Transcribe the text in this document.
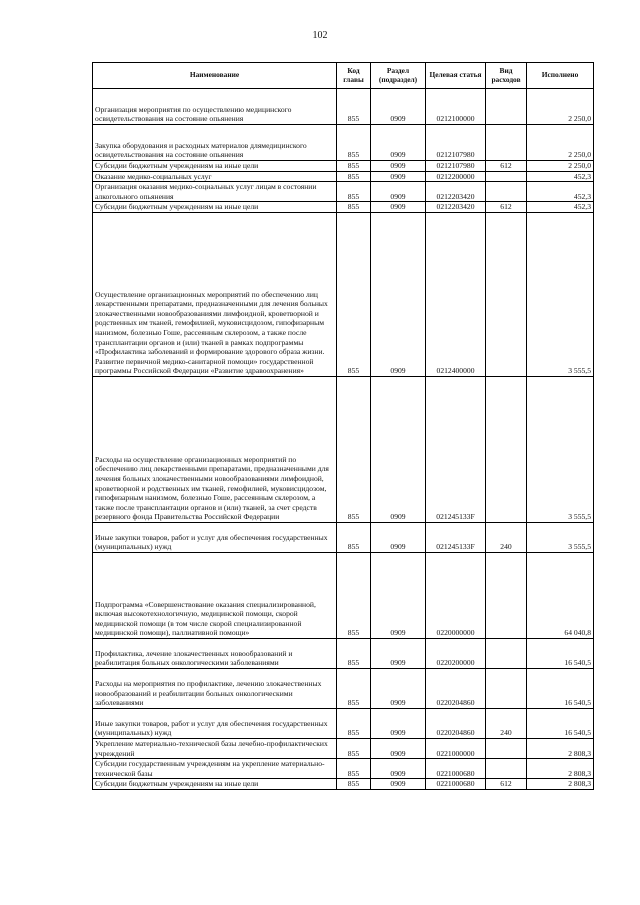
102
Наименование	Код главы	Раздел (подраздел)	Целевая статья	Вид расходов	Исполнено

Организация мероприятия по осуществлению медицинского освидетельствования на состояние опьянения	855	0909	0212100000		2 250,0

Закупка оборудования и расходных материалов длямедицинского освидетельствования на состояние опьянения	855	0909	0212107980		2 250,0

Субсидии бюджетным учреждениям на иные цели	855	0909	0212107980	612	2 250,0

Оказание медико-социальных услуг	855	0909	0212200000		452,3

Организация оказания медико-социальных услуг лицам в состоянии алкогольного опьянения	855	0909	0212203420		452,3

Субсидии бюджетным учреждениям на иные цели	855	0909	0212203420	612	452,3

Осуществление организационных мероприятий по обеспечению лиц лекарственными препаратами, предназначенными для лечения больных злокачественными новообразованиями лимфоидной, кроветворной и родственных им тканей, гемофилией, муковисцидозом, гипофизарным нанизмом, болезнью Гоше, рассеянным склерозом, а также после трансплантации органов и (или) тканей в рамках подпрограммы «Профилактика заболеваний и формирование здорового образа жизни. Развитие первичной медико-санитарной помощи» государственной программы Российской Федерации «Развитие здравоохранения»	855	0909	0212400000		3 555,5

Расходы на осуществление организационных мероприятий по обеспечению лиц лекарственными препаратами, предназначенными для лечения больных злокачественными новообразованиями лимфоидной, кроветворной и родственных им тканей, гемофилией, муковисцидозом, гипофизарным нанизмом, болезнью Гоше, рассеянным склерозом, а также после трансплантации органов и (или) тканей, за счет средств резервного фонда Правительства Российской Федерации	855	0909	021245133F		3 555,5

Иные закупки товаров, работ и услуг для обеспечения государственных (муниципальных) нужд	855	0909	021245133F	240	3 555,5

Подпрограмма «Совершенствование оказания специализированной, включая высокотехнологичную, медицинской помощи, скорой медицинской помощи (в том числе скорой специализированной медицинской помощи), паллиативной помощи»	855	0909	0220000000		64 040,8

Профилактика, лечение злокачественных новообразований и реабилитация больных онкологическими заболеваниями	855	0909	0220200000		16 540,5

Расходы на мероприятия по профилактике, лечению злокачественных новообразований и реабилитации больных онкологическими заболеваниями	855	0909	0220204860		16 540,5

Иные закупки товаров, работ и услуг для обеспечения государственных (муниципальных) нужд	855	0909	0220204860	240	16 540,5

Укрепление материально-технической базы лечебно-профилактических учреждений	855	0909	0221000000		2 808,3

Субсидии государственным учреждениям на укрепление материально-технической базы	855	0909	0221000680		2 808,3

Субсидии бюджетным учреждениям на иные цели	855	0909	0221000680	612	2 808,3
